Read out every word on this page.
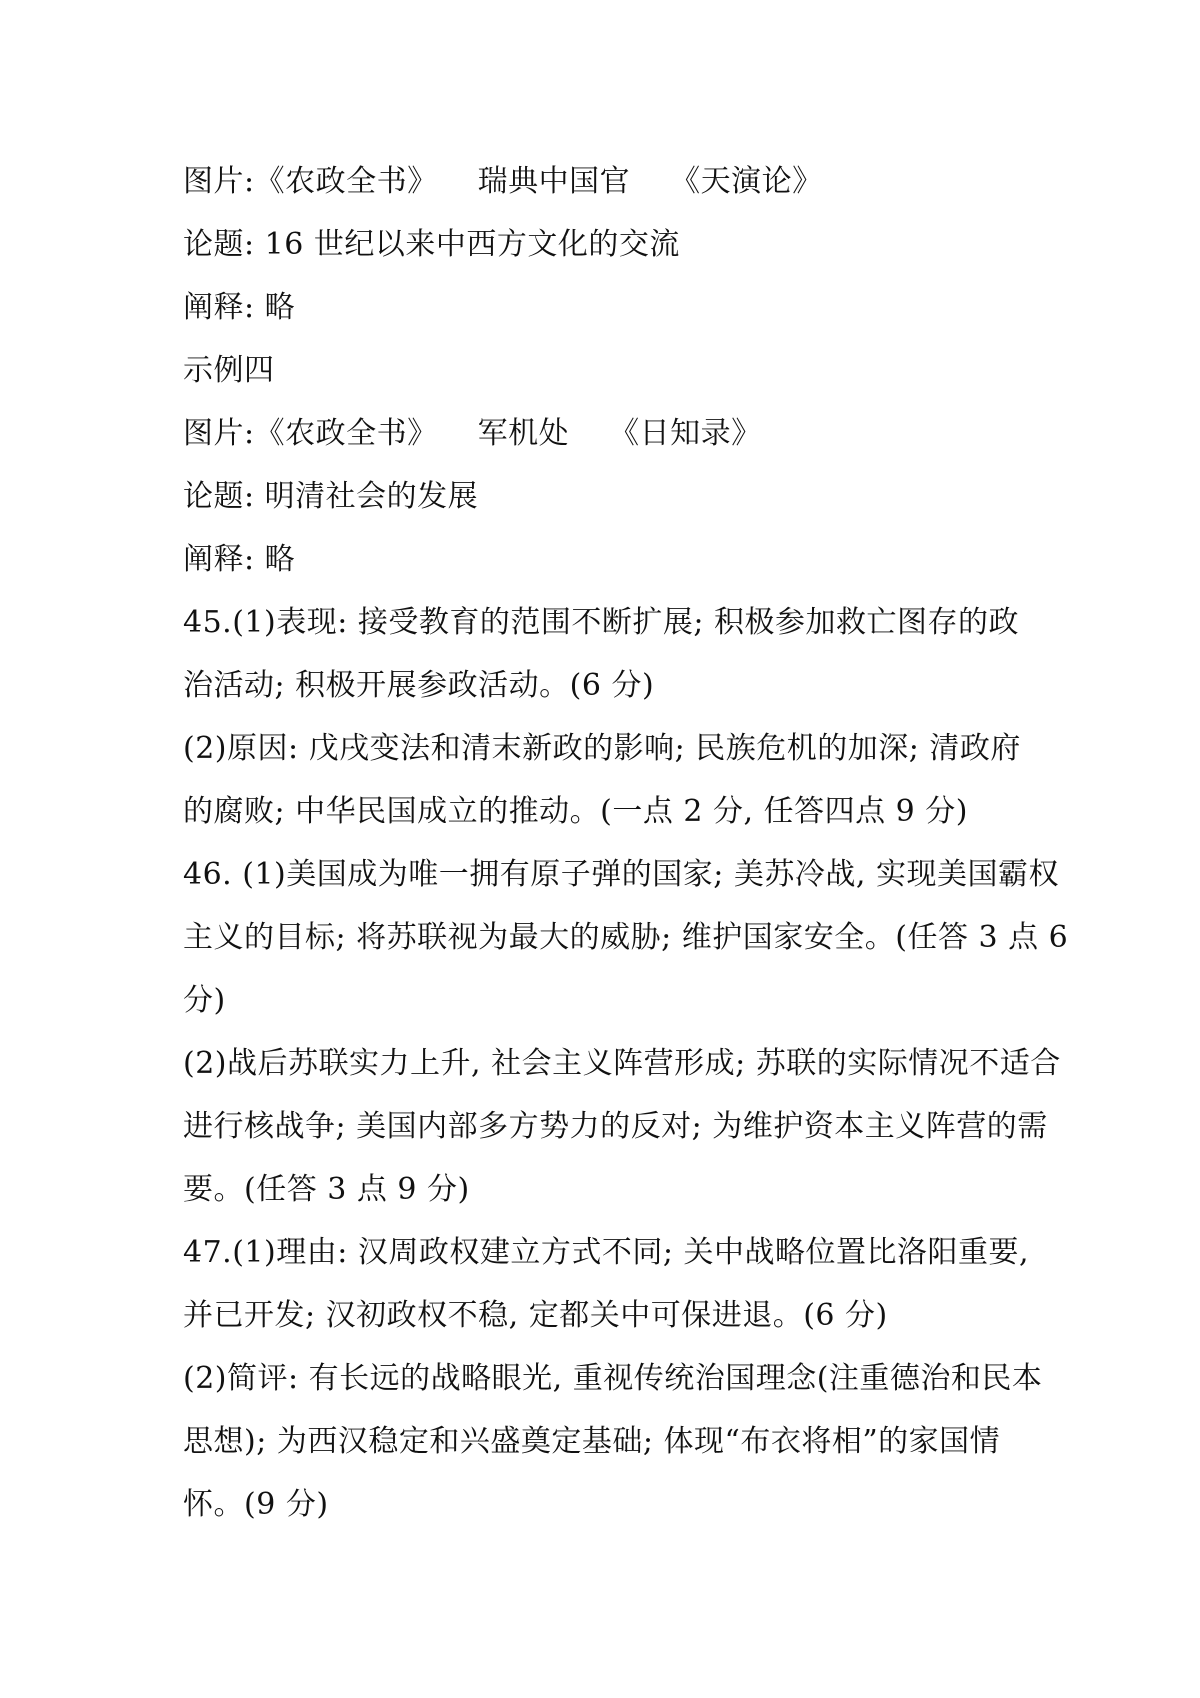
图片:《农政全书》 瑞典中国官 《天演论》
论题: 16 世纪以来中西方文化的交流
阐释: 略
示例四
图片:《农政全书》 军机处 《日知录》
论题: 明清社会的发展
阐释: 略
45.(1)表现: 接受教育的范围不断扩展; 积极参加救亡图存的政
治活动; 积极开展参政活动。(6 分)
(2)原因: 戊戌变法和清末新政的影响; 民族危机的加深; 清政府
的腐败; 中华民国成立的推动。(一点 2 分, 任答四点 9 分)
46. (1)美国成为唯一拥有原子弹的国家; 美苏冷战, 实现美国霸权
主义的目标; 将苏联视为最大的威胁; 维护国家安全。(任答 3 点 6
分)
(2)战后苏联实力上升, 社会主义阵营形成; 苏联的实际情况不适合
进行核战争; 美国内部多方势力的反对; 为维护资本主义阵营的需
要。(任答 3 点 9 分)
47.(1)理由: 汉周政权建立方式不同; 关中战略位置比洛阳重要,
并已开发; 汉初政权不稳, 定都关中可保进退。(6 分)
(2)简评: 有长远的战略眼光, 重视传统治国理念(注重德治和民本
思想); 为西汉稳定和兴盛奠定基础; 体现“布衣将相”的家国情
怀。(9 分)
